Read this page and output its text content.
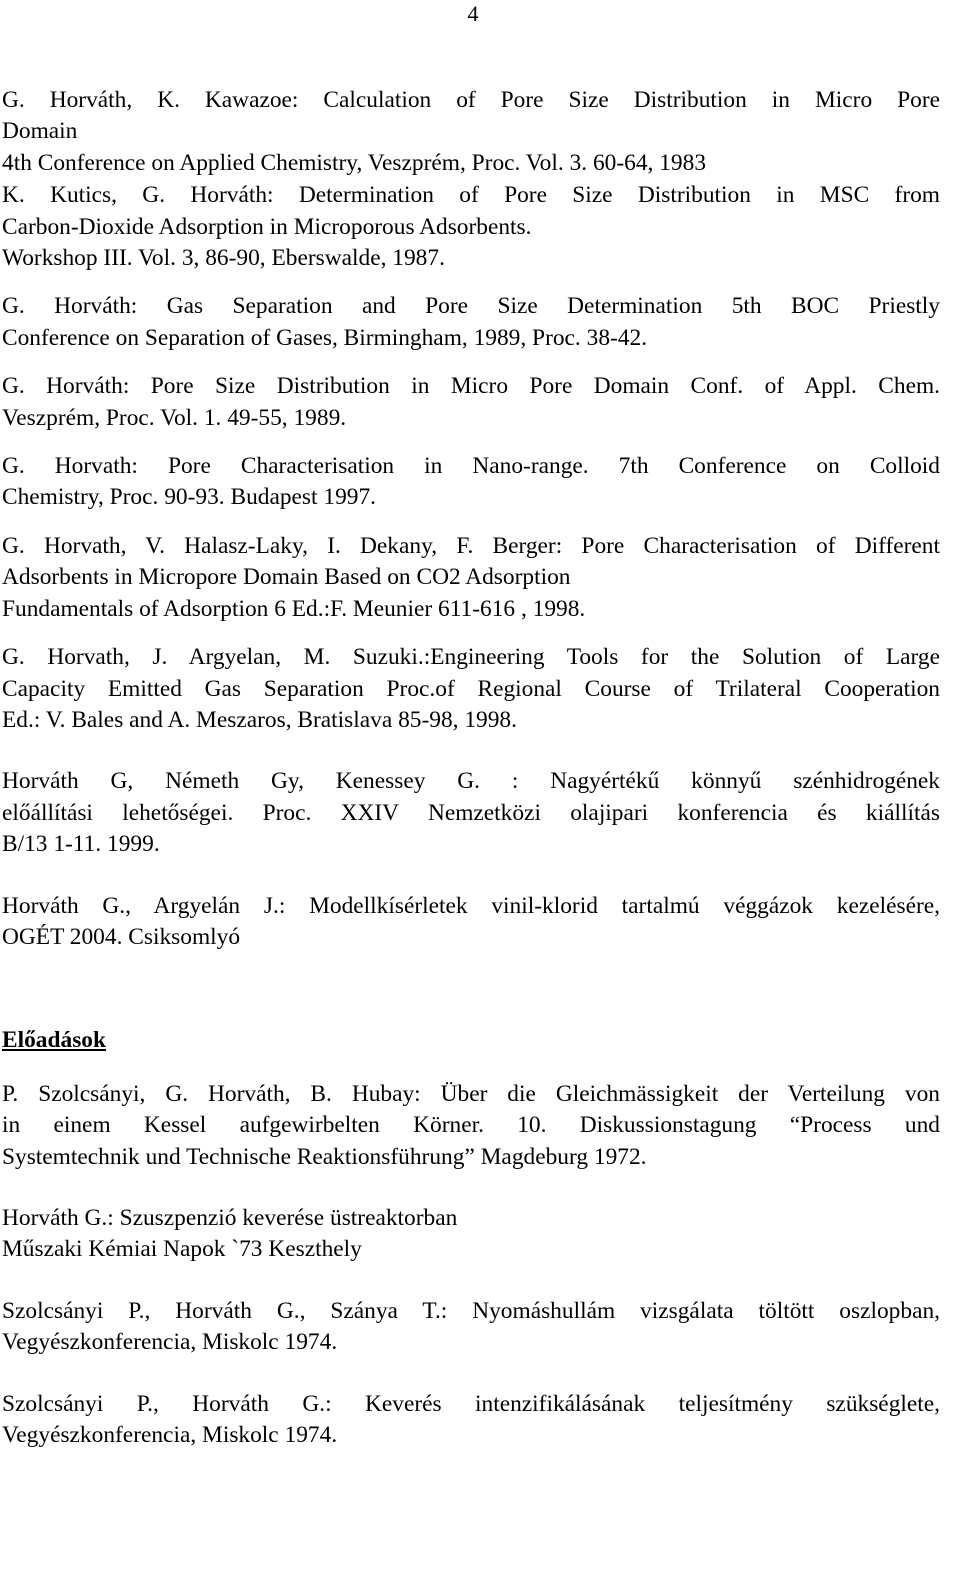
4
G. Horváth, K. Kawazoe: Calculation of Pore Size Distribution in Micro Pore
Domain
4th Conference on Applied Chemistry, Veszprém, Proc. Vol. 3. 60-64, 1983
K. Kutics, G. Horváth: Determination of Pore Size Distribution in MSC from
Carbon-Dioxide Adsorption in Microporous Adsorbents.
Workshop III. Vol. 3, 86-90, Eberswalde, 1987.
G. Horváth: Gas Separation and Pore Size Determination 5th BOC Priestly
Conference on Separation of Gases, Birmingham, 1989, Proc. 38-42.
G. Horváth: Pore Size Distribution in Micro Pore Domain Conf. of Appl. Chem.
Veszprém, Proc. Vol. 1. 49-55, 1989.
G. Horvath: Pore Characterisation in Nano-range. 7th Conference on Colloid
Chemistry, Proc. 90-93. Budapest 1997.
G. Horvath, V. Halasz-Laky, I. Dekany, F. Berger: Pore Characterisation of Different
Adsorbents in Micropore Domain Based on CO2 Adsorption
Fundamentals of Adsorption 6 Ed.:F. Meunier 611-616 , 1998.
G. Horvath, J. Argyelan, M. Suzuki.:Engineering Tools for the Solution of Large
Capacity Emitted Gas Separation Proc.of Regional Course of Trilateral Cooperation
Ed.: V. Bales and A. Meszaros, Bratislava 85-98, 1998.
Horváth G, Németh Gy, Kenessey G. : Nagyértékű könnyű szénhidrogének
előállítási lehetőségei. Proc. XXIV Nemzetközi olajipari konferencia és kiállítás
B/13 1-11. 1999.
Horváth G., Argyelán J.: Modellkísérletek vinil-klorid tartalmú véggázok kezelésére,
OGÉT 2004. Csiksomlyó
Előadások
P. Szolcsányi, G. Horváth, B. Hubay: Über die Gleichmässigkeit der Verteilung von
in einem Kessel aufgewirbelten Körner. 10. Diskussionstagung “Process und
Systemtechnik und Technische Reaktionsführung” Magdeburg 1972.
Horváth G.: Szuszpenzió keverése üstreaktorban
Műszaki Kémiai Napok `73 Keszthely
Szolcsányi P., Horváth G., Szánya T.: Nyomáshullám vizsgálata töltött oszlopban,
Vegyészkonferencia, Miskolc 1974.
Szolcsányi P., Horváth G.: Keverés intenzifikálásának teljesítmény szükséglete,
Vegyészkonferencia, Miskolc 1974.
